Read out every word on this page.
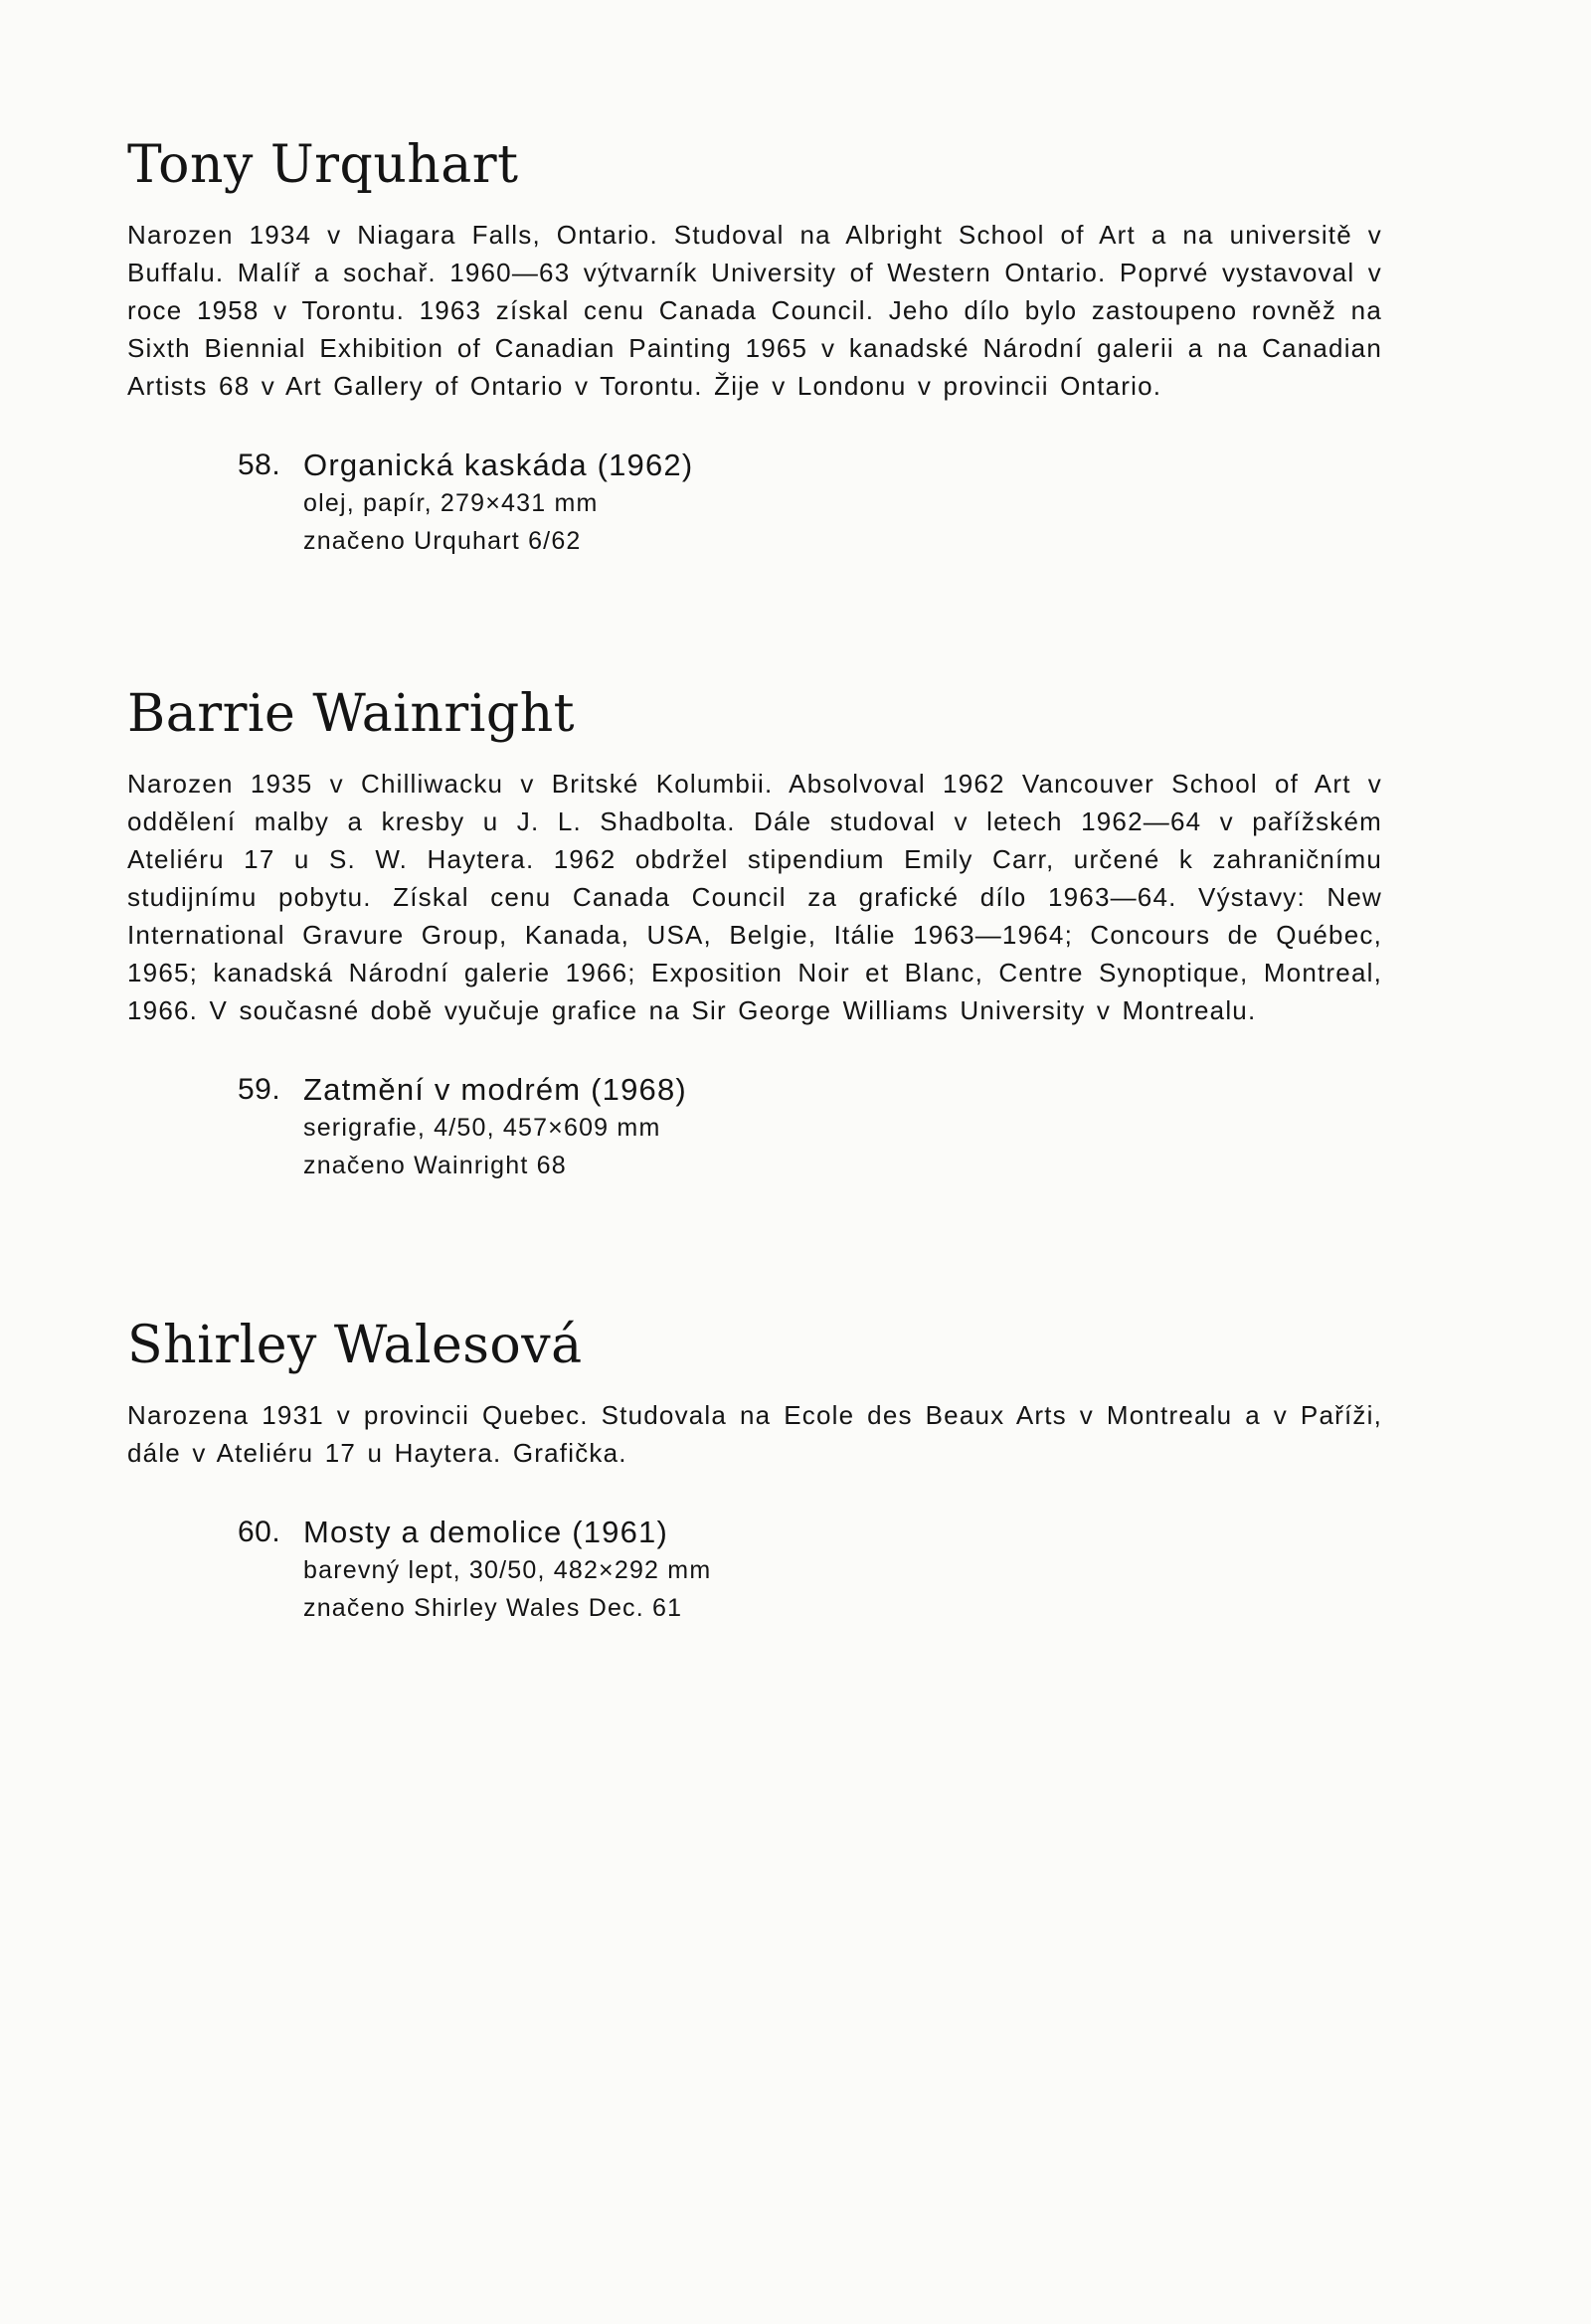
Tony Urquhart

Narozen 1934 v Niagara Falls, Ontario. Studoval na Albright School of Art a na universitě v Buffalu. Malíř a sochař. 1960—63 výtvarník University of Western Ontario. Poprvé vystavoval v roce 1958 v Torontu. 1963 získal cenu Canada Council. Jeho dílo bylo zastoupeno rovněž na Sixth Biennial Exhibition of Canadian Painting 1965 v kanadské Národní galerii a na Canadian Artists 68 v Art Gallery of Ontario v Torontu. Žije v Londonu v provincii Ontario.

58. Organická kaskáda (1962)
olej, papír, 279×431 mm
značeno Urquhart 6/62
Barrie Wainright

Narozen 1935 v Chilliwacku v Britské Kolumbii. Absolvoval 1962 Vancouver School of Art v oddělení malby a kresby u J. L. Shadbolta. Dále studoval v letech 1962—64 v pařížském Ateliéru 17 u S. W. Haytera. 1962 obdržel stipendium Emily Carr, určené k zahraničnímu studijnímu pobytu. Získal cenu Canada Council za grafické dílo 1963—64. Výstavy: New International Gravure Group, Kanada, USA, Belgie, Itálie 1963—1964; Concours de Québec, 1965; kanadská Národní galerie 1966; Exposition Noir et Blanc, Centre Synoptique, Montreal, 1966. V současné době vyučuje grafice na Sir George Williams University v Montrealu.

59. Zatmění v modrém (1968)
serigrafie, 4/50, 457×609 mm
značeno Wainright 68
Shirley Walesová

Narozena 1931 v provincii Quebec. Studovala na Ecole des Beaux Arts v Montrealu a v Paříži, dále v Ateliéru 17 u Haytera. Grafička.

60. Mosty a demolice (1961)
barevný lept, 30/50, 482×292 mm
značeno Shirley Wales Dec. 61
